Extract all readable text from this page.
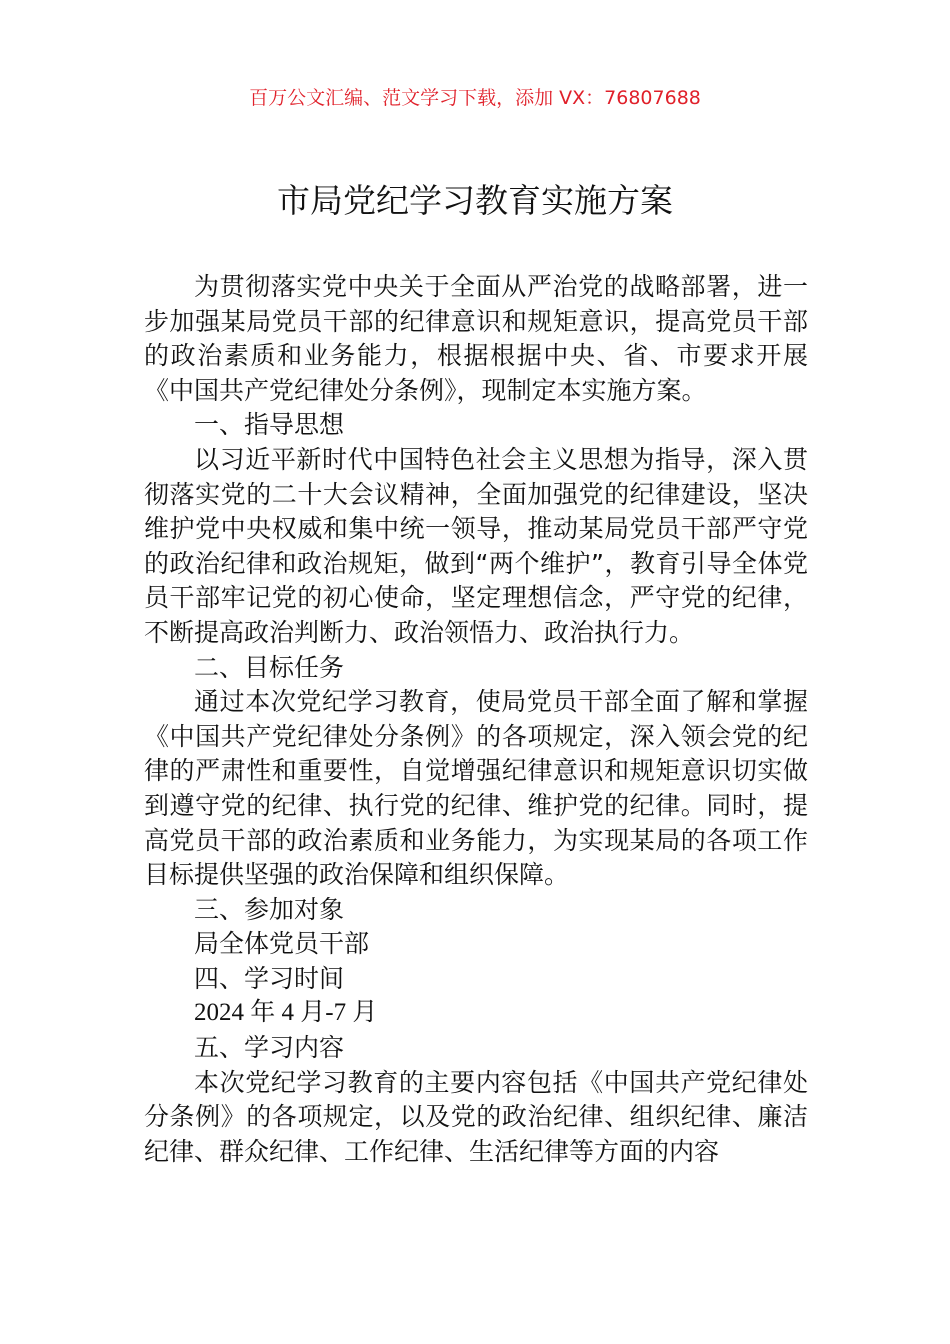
百万公文汇编、范文学习下载，添加 VX：76807688
市局党纪学习教育实施方案

为贯彻落实党中央关于全面从严治党的战略部署，进一步加强某局党员干部的纪律意识和规矩意识，提高党员干部的政治素质和业务能力，根据根据中央、省、市要求开展《中国共产党纪律处分条例》，现制定本实施方案。

一、指导思想

以习近平新时代中国特色社会主义思想为指导，深入贯彻落实党的二十大会议精神，全面加强党的纪律建设，坚决维护党中央权威和集中统一领导，推动某局党员干部严守党的政治纪律和政治规矩，做到“两个维护”，教育引导全体党员干部牢记党的初心使命，坚定理想信念，严守党的纪律，不断提高政治判断力、政治领悟力、政治执行力。

二、目标任务

通过本次党纪学习教育，使局党员干部全面了解和掌握《中国共产党纪律处分条例》的各项规定，深入领会党的纪律的严肃性和重要性，自觉增强纪律意识和规矩意识切实做到遵守党的纪律、执行党的纪律、维护党的纪律。同时，提高党员干部的政治素质和业务能力，为实现某局的各项工作目标提供坚强的政治保障和组织保障。

三、参加对象

局全体党员干部

四、学习时间

2024 年 4 月-7 月

五、学习内容

本次党纪学习教育的主要内容包括《中国共产党纪律处分条例》的各项规定，以及党的政治纪律、组织纪律、廉洁纪律、群众纪律、工作纪律、生活纪律等方面的内容
